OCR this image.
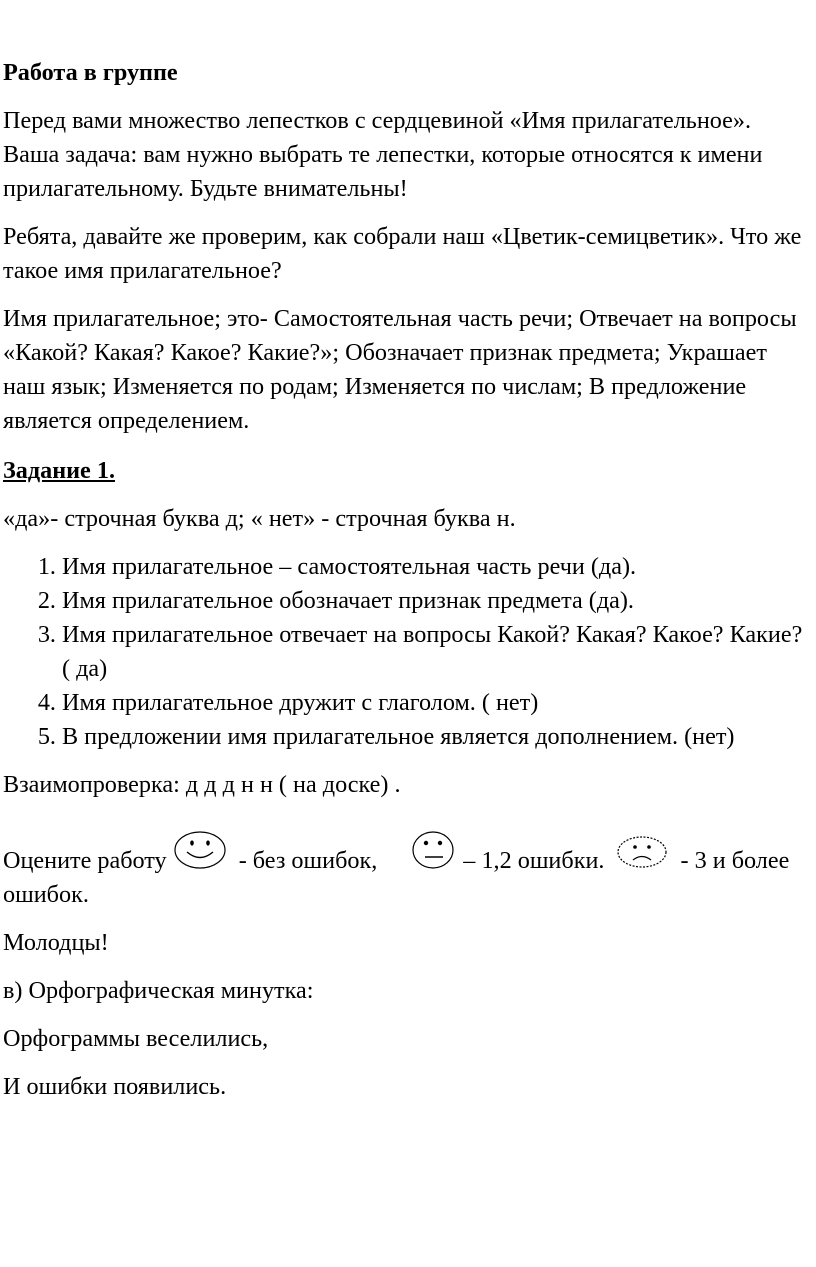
Работа в группе

Перед вами множество лепестков с сердцевиной «Имя прилагательное». Ваша задача: вам нужно выбрать те лепестки, которые относятся к имени прилагательному. Будьте внимательны!

Ребята, давайте же проверим, как собрали наш «Цветик-семицветик». Что же такое имя прилагательное?

Имя прилагательное; это- Самостоятельная часть речи; Отвечает на вопросы «Какой? Какая? Какое? Какие?»; Обозначает признак предмета; Украшает наш язык; Изменяется по родам; Изменяется по числам; В предложение является определением.

Задание 1.

«да»- строчная буква д; « нет» - строчная буква н.

1. Имя прилагательное – самостоятельная часть речи (да).
2. Имя прилагательное обозначает признак предмета (да).
3. Имя прилагательное отвечает на вопросы Какой? Какая? Какое? Какие? ( да)
4. Имя прилагательное дружит с глаголом. ( нет)
5. В предложении имя прилагательное является дополнением. (нет)

Взаимопроверка: д д д н н ( на доске) .

Оцените работу	- без ошибок,	– 1,2 ошибки.	- 3 и более ошибок.

Молодцы!

в) Орфографическая минутка:

Орфограммы веселились,

И ошибки появились.
